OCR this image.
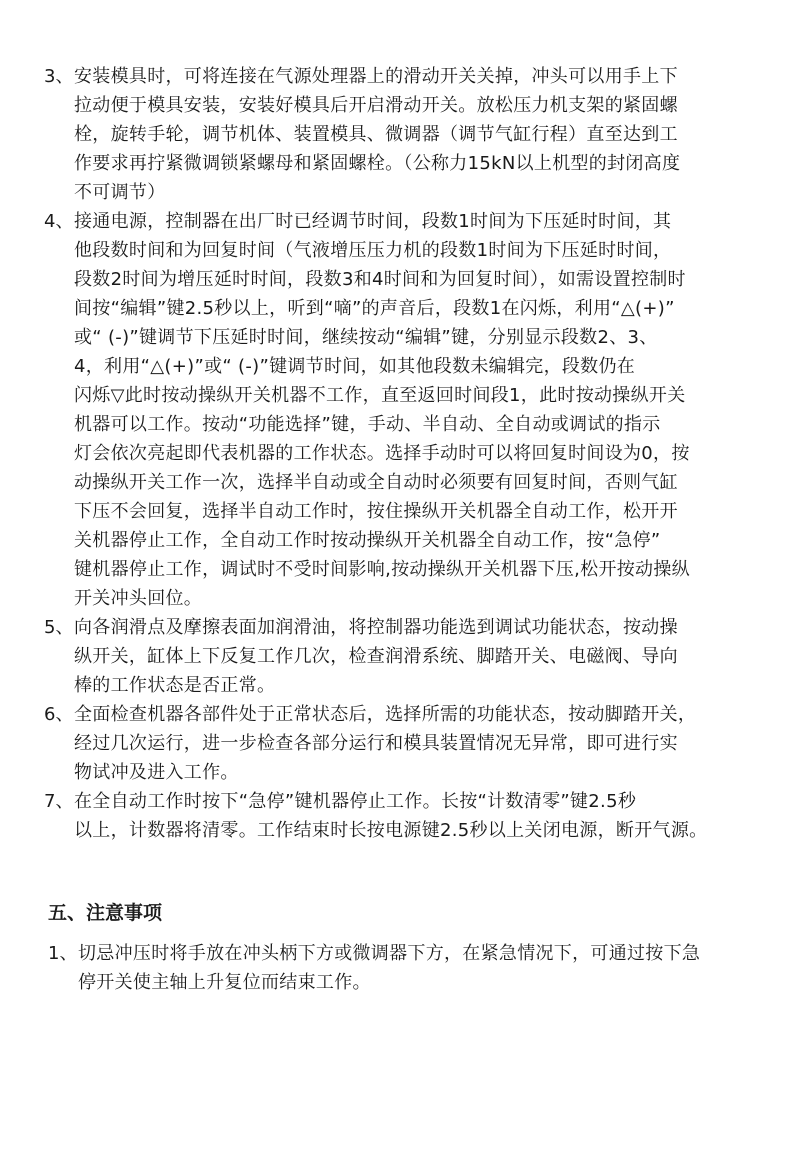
3、 安装模具时，可将连接在气源处理器上的滑动开关关掉，冲头可以用手上下
拉动便于模具安装，安装好模具后开启滑动开关。放松压力机支架的紧固螺
栓，旋转手轮，调节机体、装置模具、微调器（调节气缸行程）直至达到工
作要求再拧紧微调锁紧螺母和紧固螺栓。（公称力15kN以上机型的封闭高度
不可调节）
4、 接通电源，控制器在出厂时已经调节时间，段数1时间为下压延时时间，其
他段数时间和为回复时间（气液增压压力机的段数1时间为下压延时时间，
段数2时间为增压延时时间，段数3和4时间和为回复时间），如需设置控制时
间按“编辑”键2.5秒以上，听到“嘀”的声音后，段数1在闪烁，利用“△(+)”
或“ (-)”键调节下压延时时间，继续按动“编辑”键，分别显示段数2、3、
4，利用“△(+)”或“ (-)”键调节时间，如其他段数未编辑完，段数仍在
闪烁▽此时按动操纵开关机器不工作，直至返回时间段1，此时按动操纵开关
机器可以工作。按动“功能选择”键，手动、半自动、全自动或调试的指示
灯会依次亮起即代表机器的工作状态。选择手动时可以将回复时间设为0，按
动操纵开关工作一次，选择半自动或全自动时必须要有回复时间，否则气缸
下压不会回复，选择半自动工作时，按住操纵开关机器全自动工作，松开开
关机器停止工作，全自动工作时按动操纵开关机器全自动工作，按“急停”
键机器停止工作，调试时不受时间影响,按动操纵开关机器下压,松开按动操纵
开关冲头回位。
5、 向各润滑点及摩擦表面加润滑油，将控制器功能选到调试功能状态，按动操
纵开关，缸体上下反复工作几次，检查润滑系统、脚踏开关、电磁阀、导向
棒的工作状态是否正常。
6、 全面检查机器各部件处于正常状态后，选择所需的功能状态，按动脚踏开关，
经过几次运行，进一步检查各部分运行和模具装置情况无异常，即可进行实
物试冲及进入工作。
7、 在全自动工作时按下“急停”键机器停止工作。长按“计数清零”键2.5秒
以上，计数器将清零。工作结束时长按电源键2.5秒以上关闭电源，断开气源。
五、注意事项
1、 切忌冲压时将手放在冲头柄下方或微调器下方，在紧急情况下，可通过按下急
停开关使主轴上升复位而结束工作。
